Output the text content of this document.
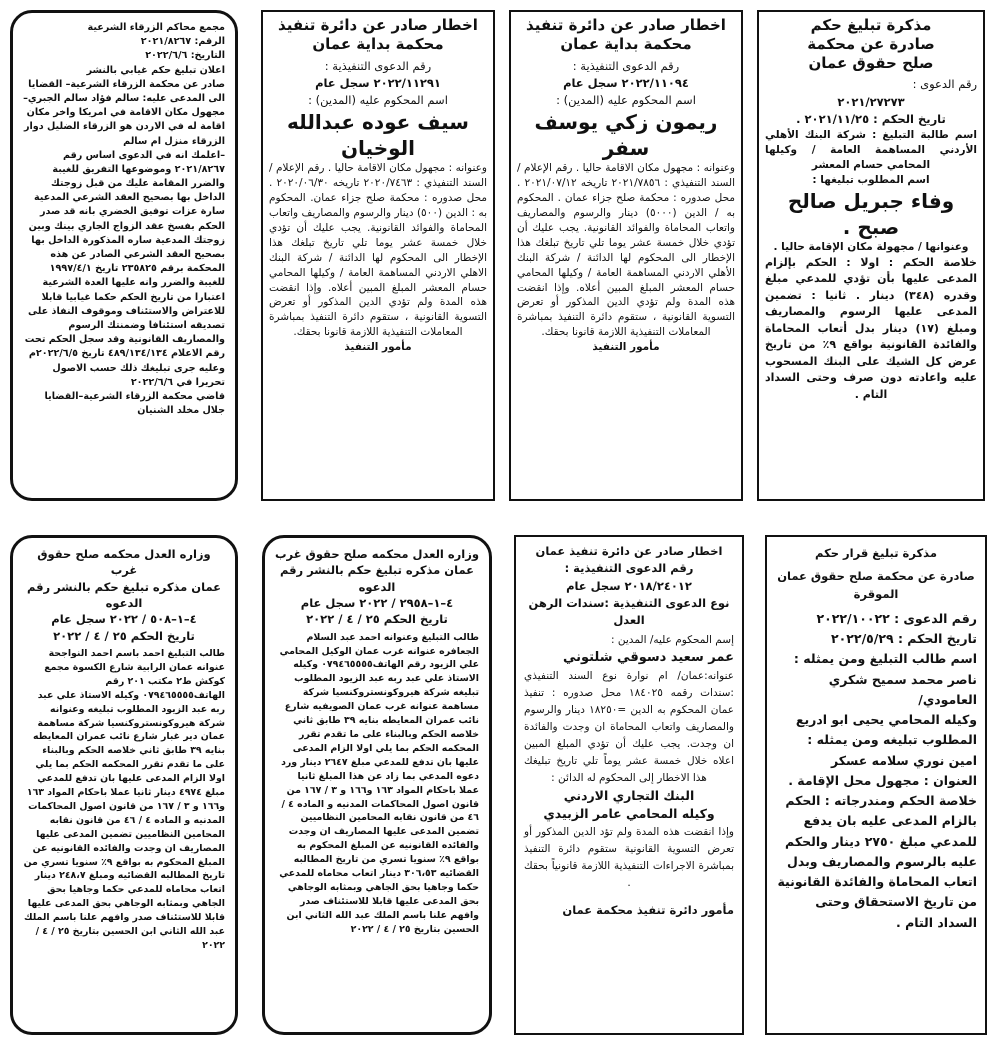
مذكرة تبليغ حكم

صادرة عن محكمة

صلح حقوق عمان

رقم الدعوى :

٢٠٢١/٢٧٢٧٣

تاريخ الحكم : ٢٠٢١/١١/٢٥ .

اسم طالبة التبليغ : شركة البنك الأهلي الأردني المساهمة العامة / وكيلها المحامي حسام المعشر

اسم المطلوب تبليغها :

وفاء جبريل صالح صبح .

وعنوانها / مجهولة مكان الإقامة حاليا .

خلاصة الحكم : اولا : الحكم بإلزام المدعى عليها بأن تؤدي للمدعي مبلغ وقدره (٣٤٨) دينار . ثانيا : تضمين المدعى عليها الرسوم والمصاريف ومبلغ (١٧) دينار بدل أتعاب المحاماة والفائدة القانونية بواقع ٩٪ من تاريخ عرض كل الشيك على البنك المسحوب عليه واعادته دون صرف وحتى السداد التام .

اخطار صادر عن دائرة تنفيذ

محكمة بداية عمان

رقم الدعوى التنفيذية :

٢٠٢٢/١١٠٩٤ سجل عام

اسم المحكوم عليه (المدين) :

ريمون زكي يوسف سفر

وعنوانه : مجهول مكان الاقامة حاليا . رقم الإعلام / السند التنفيذي : ٢٠٢١/٧٨٥٦ تاريخه ٢٠٢١/٠٧/١٢ . محل صدوره : محكمة صلح جزاء عمان . المحكوم به / الدين (٥٠٠٠) دينار والرسوم والمصاريف واتعاب المحاماة والفوائد القانونية. يجب عليك أن تؤدي خلال خمسة عشر يوما تلي تاريخ تبلغك هذا الإخطار الى المحكوم لها الدائنة / شركة البنك الأهلي الاردني المساهمة العامة / وكيلها المحامي حسام المعشر المبلغ المبين أعلاه. وإذا انقضت هذه المدة ولم تؤدي الدين المذكور أو تعرض التسوية القانونية ، ستقوم دائرة التنفيذ بمباشرة المعاملات التنفيذية اللازمة قانونا بحقك.

مأمور التنفيذ

اخطار صادر عن دائرة تنفيذ

محكمة بداية عمان

رقم الدعوى التنفيذية :

٢٠٢٢/١١٢٩١ سجل عام

اسم المحكوم عليه (المدين) :

سيف عوده عبدالله الوخيان

وعنوانه : مجهول مكان الاقامة حاليا . رقم الإعلام / السند التنفيذي : ٢٠٢٠/٧٤٦٣ تاريخه ٢٠٢٠/٠٦/٣٠ . محل صدوره : محكمة صلح جزاء عمان. المحكوم به : الدين (٥٠٠) دينار والرسوم والمصاريف واتعاب المحاماة والفوائد القانونية. يجب عليك أن تؤدي خلال خمسة عشر يوما تلي تاريخ تبلغك هذا الإخطار الى المحكوم لها الدائنة / شركة البنك الاهلي الاردني المساهمة العامة / وكيلها المحامي حسام المعشر المبلغ المبين أعلاه. وإذا انقضت هذه المدة ولم تؤدي الدين المذكور أو تعرض التسوية القانونية ، ستقوم دائرة التنفيذ بمباشرة المعاملات التنفيذية اللازمة قانونا بحقك.

مأمور التنفيذ

مجمع محاكم الزرقاء الشرعية

الرقم: ٢٠٢١/٨٢٦٧

التاريخ: ٢٠٢٢/٦/٦

اعلان تبليغ حكم غيابي بالنشر

صادر عن محكمة الزرقاء الشرعية– القضايا

الى المدعى عليه: سالم فؤاد سالم الجبري–

مجهول مكان الاقامة في امريكا واخر مكان اقامة له في الاردن هو الزرقاء الضليل دوار الزرقاء منزل ام سالم

–اعلمك انه في الدعوى اساس رقم ٢٠٢١/٨٢٦٧ وموضوعها التفريق للغيبة والضرر المقامة عليك من قبل زوجتك الداخل بها بصحيح العقد الشرعي المدعية سارة عزات توفيق الخضري بانه قد صدر الحكم بفسخ عقد الزواج الجاري بينك وبين زوجتك المدعية ساره المذكورة الداخل بها بصحيح العقد الشرعي الصادر عن هذه المحكمة برقم ٢٣٥٨٢٥ تاريخ ١٩٩٧/٤/١ للغيبة والضرر وانه عليها العدة الشرعية اعتبارا من تاريخ الحكم حكما غيابيا قابلا للاعتراض والاستئناف وموقوف النفاذ على تصديقه استئنافا وضمنتك الرسوم والمصاريف القانونية وقد سجل الحكم تحت رقم الاعلام ٤٨٩/١٣٤/١٣٤ تاريخ ٢٠٢٢/٦/٥م وعليه جرى تبليغك ذلك حسب الاصول تحريرا في ٢٠٢٢/٦/٦

قاضي محكمة الزرقاء الشرعية–القضايا

جلال مخلد الشنيان

مذكرة تبليغ قرار حكم

صادرة عن محكمة صلح حقوق عمان

الموقرة

رقم الدعوى : ٢٠٢٢/١٠٠٢٢

تاريخ الحكم : ٢٠٢٢/٥/٢٩

اسم طالب التبليغ ومن يمثله :

ناصر محمد سميح شكري العامودي/

وكيله المحامي يحيى ابو ادريع

المطلوب تبليغه ومن يمثله :

امين نوري سلامه عسكر

العنوان : مجهول محل الإقامة .

خلاصة الحكم ومندرجاته : الحكم بالزام المدعى عليه بان يدفع للمدعي مبلغ ٢٧٥٠ دينار والحكم عليه بالرسوم والمصاريف وبدل اتعاب المحاماة والفائدة القانونية من تاريخ الاستحقاق وحتى السداد التام .

اخطار صادر عن دائرة تنفيذ عمان

رقم الدعوى التنفيذية :

٢٠١٨/٢٤٠١٢ سجل عام

نوع الدعوى التنفيذية :سندات الرهن العدل

إسم المحكوم عليه/ المدين :

عمر سعيد دسوقي شلتوني

عنوانه:عمان/ ام نوارة نوع السند التنفيذي :سندات رقمه ١٨٤٠٢٥ محل صدوره : تنفيذ عمان المحكوم به الدين =١٨٢٥٠ دينار والرسوم والمصاريف واتعاب المحاماة ان وجدت والفائدة ان وجدت. يجب عليك أن تؤدي المبلغ المبين اعلاه خلال خمسة عشر يوماً تلي تاريخ تبليغك هذا الاخطار إلى المحكوم له الدائن :

البنك التجاري الاردني

وكيله المحامي عامر الزبيدي

وإذا انقضت هذه المدة ولم تؤد الدين المذكور أو تعرض التسوية القانونية ستقوم دائرة التنفيذ بمباشرة الاجراءات التنفيذية اللازمة قانونياً بحقك .

مأمور دائرة تنفيذ محكمة عمان

وزاره العدل محكمه صلح حقوق غرب

عمان مذكره تبليغ حكم بالنشر رقم الدعوه

٤–١–٢٩٥٨ / ٢٠٢٢ سجل عام

تاريخ الحكم ٢٥ / ٤ / ٢٠٢٢

طالب التبليغ وعنوانه احمد عبد السلام الجعافره عنوانه غرب عمان الوكيل المحامي علي الزيود رقم الهاتف٠٧٩٤٦٥٥٥٥ وكيله الاستاذ علي عبد ربه عبد الزيود المطلوب تبليغه شركة هيروكونستروكنسيا شركة مساهمة عنوانه غرب عمان الصويفيه شارع نائب عمران المعايطه بنايه ٣٩ طابق ثاني خلاصه الحكم وبالبناء على ما تقدم تقرر المحكمه الحكم بما يلي اولا الزام المدعى عليها بان تدفع للمدعي مبلغ ٢٦٤٧ دينار ورد دعوه المدعي بما زاد عن هذا المبلغ ثانيا عملا باحكام المواد ١٦٣ و١٦٦ و ٣ / ١٦٧ من قانون اصول المحاكمات المدنيه و الماده ٤ / ٤٦ من قانون نقابه المحامين النظاميين تضمين المدعى عليها المصاريف ان وجدت والفائده القانونيه عن المبلغ المحكوم به بواقع ٩٪ سنويا تسري من تاريخ المطالبه القضائيه ٣٠٦،٥٣ دينار اتعاب محاماه للمدعي حكما وجاهيا بحق الجاهي وبمثابه الوجاهي بحق المدعى عليها قابلا للاستئناف صدر وافهم علنا باسم الملك عبد الله الثاني ابن الحسين بتاريخ ٢٥ / ٤ / ٢٠٢٢

وزاره العدل محكمه صلح حقوق غرب

عمان مذكره تبليغ حكم بالنشر رقم الدعوه

٤–١–٥٠٨ / ٢٠٢٢ سجل عام

تاريخ الحكم ٢٥ / ٤ / ٢٠٢٢

طالب التبليغ احمد باسم احمد النواجحة عنوانه عمان الرابية شارع الكسوة مجمع كوكش ط٢ مكتب ٢٠١ رقم الهاتف٠٧٩٤٦٥٥٥٥ وكيله الاستاذ علي عبد ربه عبد الزيود المطلوب تبليغه وعنوانه شركة هيروكونستروكنسيا شركة مساهمة عمان دير غبار شارع نائب عمران المعايطه بنايه ٣٩ طابق ثاني خلاصه الحكم وبالبناء على ما تقدم تقرر المحكمه الحكم بما يلي اولا الزام المدعى عليها بان تدفع للمدعي مبلغ ٤٩٧٤ دينار ثانيا عملا باحكام المواد ١٦٣ و١٦٦ و ٣ / ١٦٧ من قانون اصول المحاكمات المدنيه و الماده ٤ / ٤٦ من قانون نقابه المحامين النظاميين تضمين المدعى عليها المصاريف ان وجدت والفائده القانونيه عن المبلغ المحكوم به بواقع ٩٪ سنويا تسري من تاريخ المطالبه القضائيه ومبلغ ٢٤٨،٧ دينار اتعاب محاماه للمدعي حكما وجاهيا بحق الجاهي وبمثابه الوجاهي بحق المدعى عليها قابلا للاستئناف صدر وافهم علنا باسم الملك عبد الله الثاني ابن الحسين بتاريخ ٢٥ / ٤ / ٢٠٢٢
